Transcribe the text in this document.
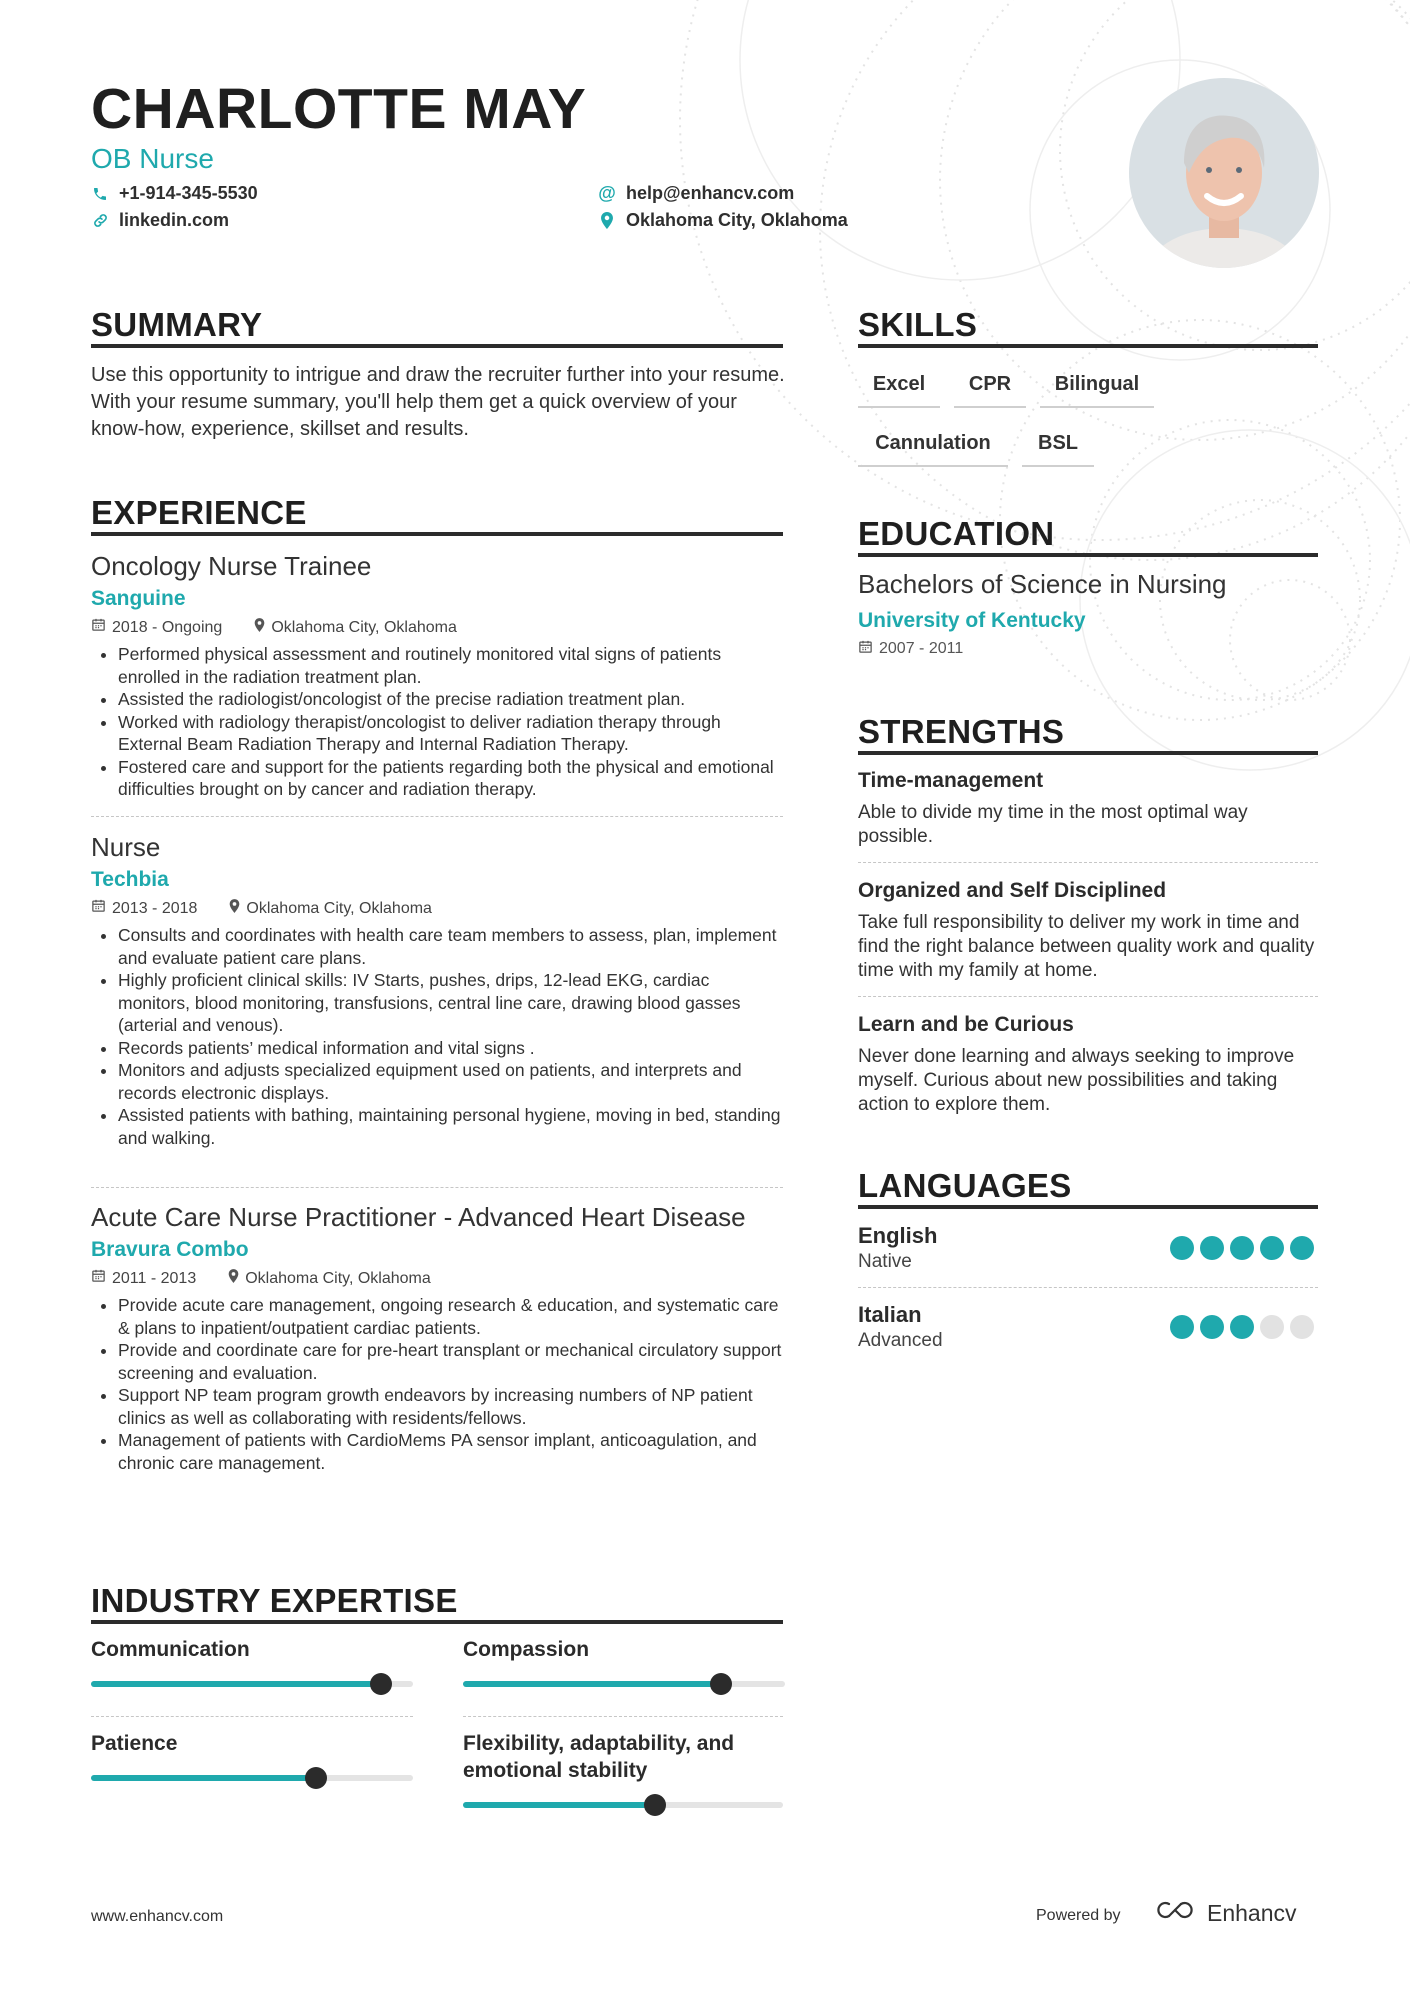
CHARLOTTE MAY

OB Nurse

+1-914-345-5530
linkedin.com
@ help@enhancv.com
Oklahoma City, Oklahoma
SUMMARY

Use this opportunity to intrigue and draw the recruiter further into your resume. With your resume summary, you'll help them get a quick overview of your know-how, experience, skillset and results.

EXPERIENCE

Oncology Nurse Trainee

Sanguine

2018 - Ongoing	Oklahoma City, Oklahoma
• Performed physical assessment and routinely monitored vital signs of patients enrolled in the radiation treatment plan.
• Assisted the radiologist/oncologist of the precise radiation treatment plan.
• Worked with radiology therapist/oncologist to deliver radiation therapy through External Beam Radiation Therapy and Internal Radiation Therapy.
• Fostered care and support for the patients regarding both the physical and emotional difficulties brought on by cancer and radiation therapy.

Nurse

Techbia

2013 - 2018	Oklahoma City, Oklahoma
• Consults and coordinates with health care team members to assess, plan, implement and evaluate patient care plans.
• Highly proficient clinical skills: IV Starts, pushes, drips, 12-lead EKG, cardiac monitors, blood monitoring, transfusions, central line care, drawing blood gasses (arterial and venous).
• Records patients’ medical information and vital signs .
• Monitors and adjusts specialized equipment used on patients, and interprets and records electronic displays.
• Assisted patients with bathing, maintaining personal hygiene, moving in bed, standing and walking.

Acute Care Nurse Practitioner - Advanced Heart Disease

Bravura Combo

2011 - 2013	Oklahoma City, Oklahoma
• Provide acute care management, ongoing research & education, and systematic care & plans to inpatient/outpatient cardiac patients.
• Provide and coordinate care for pre-heart transplant or mechanical circulatory support screening and evaluation.
• Support NP team program growth endeavors by increasing numbers of NP patient clinics as well as collaborating with residents/fellows.
• Management of patients with CardioMems PA sensor implant, anticoagulation, and chronic care management.
INDUSTRY EXPERTISE

Communication	Compassion

Patience	Flexibility, adaptability, and emotional stability

SKILLS
Excel	CPR	Bilingual
Cannulation	BSL
EDUCATION

Bachelors of Science in Nursing

University of Kentucky

2007 - 2011
STRENGTHS

Time-management

Able to divide my time in the most optimal way possible.

Organized and Self Disciplined

Take full responsibility to deliver my work in time and find the right balance between quality work and quality time with my family at home.

Learn and be Curious

Never done learning and always seeking to improve myself. Curious about new possibilities and taking action to explore them.

LANGUAGES

English

Native

Italian

Advanced

www.enhancv.com	Powered by	Enhancv
